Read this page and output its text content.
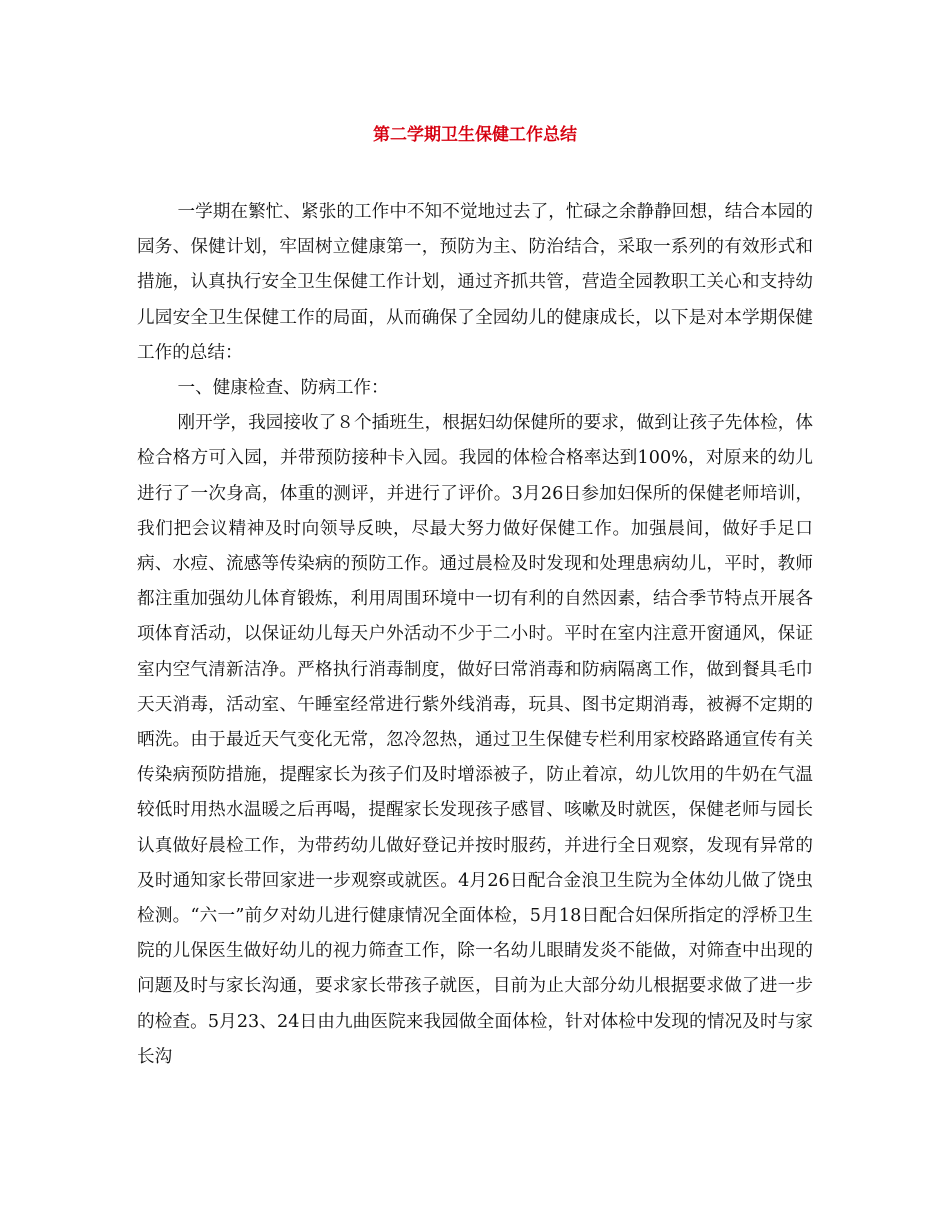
第二学期卫生保健工作总结

一学期在繁忙、紧张的工作中不知不觉地过去了，忙碌之余静静回想，结合本园的园务、保健计划，牢固树立健康第一，预防为主、防治结合，采取一系列的有效形式和措施，认真执行安全卫生保健工作计划，通过齐抓共管，营造全园教职工关心和支持幼儿园安全卫生保健工作的局面，从而确保了全园幼儿的健康成长，以下是对本学期保健工作的总结：

一、健康检查、防病工作：

刚开学，我园接收了８个插班生，根据妇幼保健所的要求，做到让孩子先体检，体检合格方可入园，并带预防接种卡入园。我园的体检合格率达到100%，对原来的幼儿进行了一次身高，体重的测评，并进行了评价。3月26日参加妇保所的保健老师培训，我们把会议精神及时向领导反映，尽最大努力做好保健工作。加强晨间，做好手足口病、水痘、流感等传染病的预防工作。通过晨检及时发现和处理患病幼儿，平时，教师都注重加强幼儿体育锻炼，利用周围环境中一切有利的自然因素，结合季节特点开展各项体育活动，以保证幼儿每天户外活动不少于二小时。平时在室内注意开窗通风，保证室内空气清新洁净。严格执行消毒制度，做好曰常消毒和防病隔离工作，做到餐具毛巾天天消毒，活动室、午睡室经常进行紫外线消毒，玩具、图书定期消毒，被褥不定期的晒洗。由于最近天气变化无常，忽冷忽热，通过卫生保健专栏利用家校路路通宣传有关传染病预防措施，提醒家长为孩子们及时增添被子，防止着凉，幼儿饮用的牛奶在气温较低时用热水温暖之后再喝，提醒家长发现孩子感冒、咳嗽及时就医，保健老师与园长认真做好晨检工作，为带药幼儿做好登记并按时服药，并进行全日观察，发现有异常的及时通知家长带回家进一步观察或就医。4月26日配合金浪卫生院为全体幼儿做了饶虫检测。“六一”前夕对幼儿进行健康情况全面体检，5月18日配合妇保所指定的浮桥卫生院的儿保医生做好幼儿的视力筛查工作，除一名幼儿眼睛发炎不能做，对筛查中出现的问题及时与家长沟通，要求家长带孩子就医，目前为止大部分幼儿根据要求做了进一步的检查。5月23、24日由九曲医院来我园做全面体检，针对体检中发现的情况及时与家长沟
